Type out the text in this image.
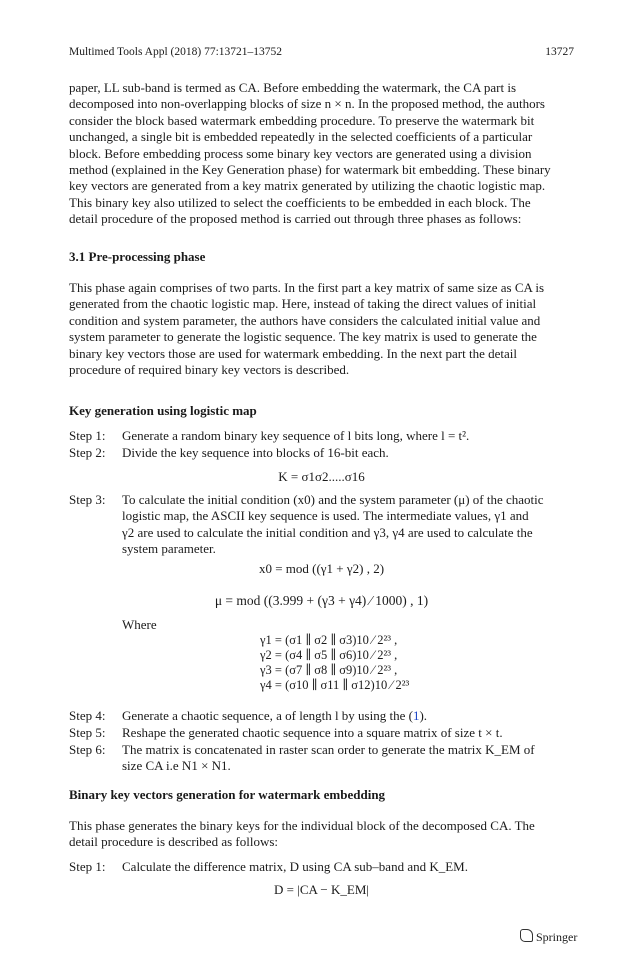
Multimed Tools Appl (2018) 77:13721–13752	13727
paper, LL sub-band is termed as CA. Before embedding the watermark, the CA part is
decomposed into non-overlapping blocks of size n × n. In the proposed method, the authors
consider the block based watermark embedding procedure. To preserve the watermark bit
unchanged, a single bit is embedded repeatedly in the selected coefficients of a particular
block. Before embedding process some binary key vectors are generated using a division
method (explained in the Key Generation phase) for watermark bit embedding. These binary
key vectors are generated from a key matrix generated by utilizing the chaotic logistic map.
This binary key also utilized to select the coefficients to be embedded in each block. The
detail procedure of the proposed method is carried out through three phases as follows:
3.1 Pre-processing phase
This phase again comprises of two parts. In the first part a key matrix of same size as CA is
generated from the chaotic logistic map. Here, instead of taking the direct values of initial
condition and system parameter, the authors have considers the calculated initial value and
system parameter to generate the logistic sequence. The key matrix is used to generate the
binary key vectors those are used for watermark embedding. In the next part the detail
procedure of required binary key vectors is described.
Key generation using logistic map
Step 1: Generate a random binary key sequence of l bits long, where l = t².
Step 2: Divide the key sequence into blocks of 16-bit each.
K = σ1σ2.....σ16
Step 3: To calculate the initial condition (x0) and the system parameter (μ) of the chaotic
logistic map, the ASCII key sequence is used. The intermediate values, γ1 and
γ2 are used to calculate the initial condition and γ3, γ4 are used to calculate the
system parameter.
x0 = mod ((γ1 + γ2) , 2)
μ = mod ((3.999 + (γ3 + γ4) ⁄ 1000) , 1)
Where
γ1 = (σ1 ∥ σ2 ∥ σ3)10 ⁄ 2²³ ,
γ2 = (σ4 ∥ σ5 ∥ σ6)10 ⁄ 2²³ ,
γ3 = (σ7 ∥ σ8 ∥ σ9)10 ⁄ 2²³ ,
γ4 = (σ10 ∥ σ11 ∥ σ12)10 ⁄ 2²³
Step 4: Generate a chaotic sequence, a of length l by using the (1).
Step 5: Reshape the generated chaotic sequence into a square matrix of size t × t.
Step 6: The matrix is concatenated in raster scan order to generate the matrix K_EM of
size CA i.e N1 × N1.
Binary key vectors generation for watermark embedding
This phase generates the binary keys for the individual block of the decomposed CA. The
detail procedure is described as follows:
Step 1: Calculate the difference matrix, D using CA sub–band and K_EM.
D = |CA − K_EM|
Springer
